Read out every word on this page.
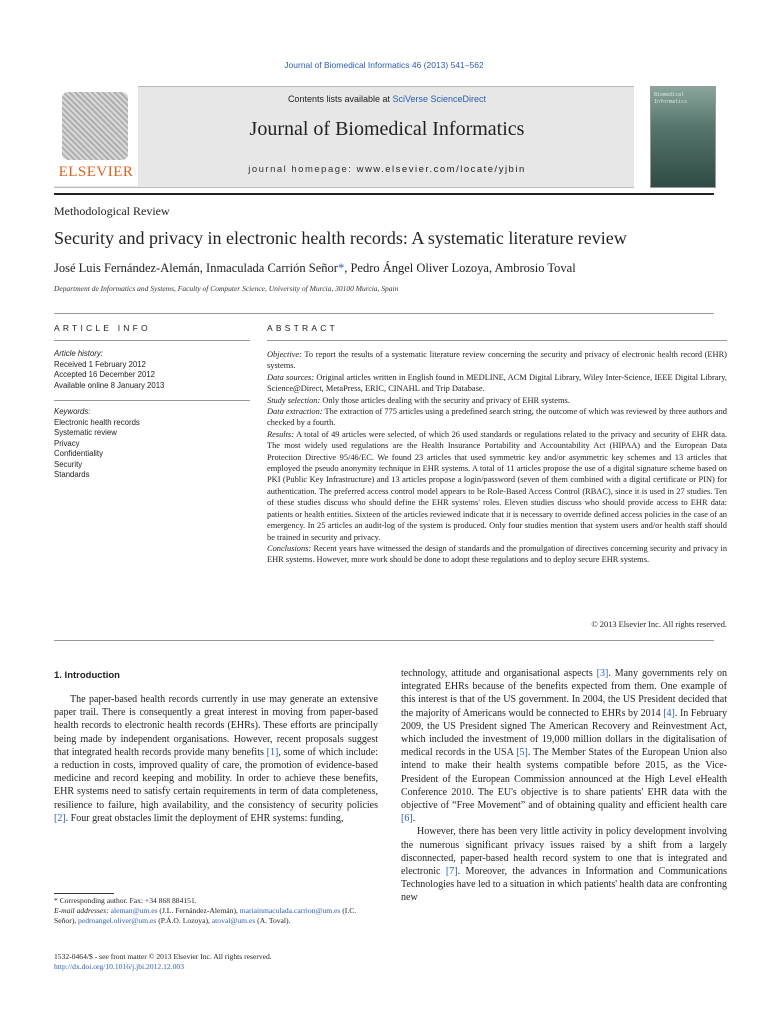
Journal of Biomedical Informatics 46 (2013) 541–562
ELSEVIER
Contents lists available at SciVerse ScienceDirect
Journal of Biomedical Informatics
journal homepage: www.elsevier.com/locate/yjbin
Biomedical Informatics
Methodological Review
Security and privacy in electronic health records: A systematic literature review
José Luis Fernández-Alemán, Inmaculada Carrión Señor*, Pedro Ángel Oliver Lozoya, Ambrosio Toval
Department de Informatics and Systems, Faculty of Computer Science, University of Murcia, 30100 Murcia, Spain
ARTICLE INFO
Article history:
Received 1 February 2012
Accepted 16 December 2012
Available online 8 January 2013
Keywords:
Electronic health records
Systematic review
Privacy
Confidentiality
Security
Standards
ABSTRACT

Objective: To report the results of a systematic literature review concerning the security and privacy of electronic health record (EHR) systems.

Data sources: Original articles written in English found in MEDLINE, ACM Digital Library, Wiley Inter-Science, IEEE Digital Library, Science@Direct, MetaPress, ERIC, CINAHL and Trip Database.

Study selection: Only those articles dealing with the security and privacy of EHR systems.

Data extraction: The extraction of 775 articles using a predefined search string, the outcome of which was reviewed by three authors and checked by a fourth.

Results: A total of 49 articles were selected, of which 26 used standards or regulations related to the privacy and security of EHR data. The most widely used regulations are the Health Insurance Portability and Accountability Act (HIPAA) and the European Data Protection Directive 95/46/EC. We found 23 articles that used symmetric key and/or asymmetric key schemes and 13 articles that employed the pseudo anonymity technique in EHR systems. A total of 11 articles propose the use of a digital signature scheme based on PKI (Public Key Infrastructure) and 13 articles propose a login/password (seven of them combined with a digital certificate or PIN) for authentication. The preferred access control model appears to be Role-Based Access Control (RBAC), since it is used in 27 studies. Ten of these studies discuss who should define the EHR systems' roles. Eleven studies discuss who should provide access to EHR data: patients or health entities. Sixteen of the articles reviewed indicate that it is necessary to override defined access policies in the case of an emergency. In 25 articles an audit-log of the system is produced. Only four studies mention that system users and/or health staff should be trained in security and privacy.

Conclusions: Recent years have witnessed the design of standards and the promulgation of directives concerning security and privacy in EHR systems. However, more work should be done to adopt these regulations and to deploy secure EHR systems.

© 2013 Elsevier Inc. All rights reserved.
1. Introduction

The paper-based health records currently in use may generate an extensive paper trail. There is consequently a great interest in moving from paper-based health records to electronic health records (EHRs). These efforts are principally being made by independent organisations. However, recent proposals suggest that integrated health records provide many benefits [1], some of which include: a reduction in costs, improved quality of care, the promotion of evidence-based medicine and record keeping and mobility. In order to achieve these benefits, EHR systems need to satisfy certain requirements in term of data completeness, resilience to failure, high availability, and the consistency of security policies [2]. Four great obstacles limit the deployment of EHR systems: funding,

technology, attitude and organisational aspects [3]. Many governments rely on integrated EHRs because of the benefits expected from them. One example of this interest is that of the US government. In 2004, the US President decided that the majority of Americans would be connected to EHRs by 2014 [4]. In February 2009, the US President signed The American Recovery and Reinvestment Act, which included the investment of 19,000 million dollars in the digitalisation of medical records in the USA [5]. The Member States of the European Union also intend to make their health systems compatible before 2015, as the Vice-President of the European Commission announced at the High Level eHealth Conference 2010. The EU's objective is to share patients' EHR data with the objective of “Free Movement” and of obtaining quality and efficient health care [6].

However, there has been very little activity in policy development involving the numerous significant privacy issues raised by a shift from a largely disconnected, paper-based health record system to one that is integrated and electronic [7]. Moreover, the advances in Information and Communications Technologies have led to a situation in which patients' health data are confronting new

* Corresponding author. Fax: +34 868 884151.
E-mail addresses: aleman@um.es (J.L. Fernández-Alemán), mariainmaculada.carrion@um.es (I.C. Señor), pedroangel.oliver@um.es (P.Á.O. Lozoya), atoval@um.es (A. Toval).
1532-0464/$ - see front matter © 2013 Elsevier Inc. All rights reserved.
http://dx.doi.org/10.1016/j.jbi.2012.12.003
